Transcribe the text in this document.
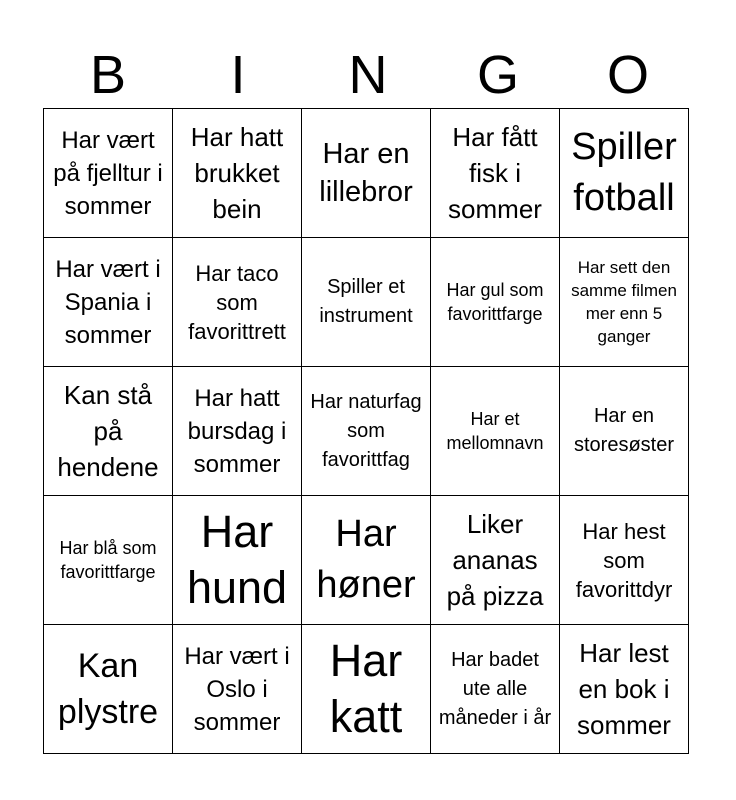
B	I	N	G	O
Har vært på fjelltur i sommer	Har hatt brukket bein	Har en lillebror	Har fått fisk i sommer	Spiller fotball
Har vært i Spania i sommer	Har taco som favorittrett	Spiller et instrument	Har gul som favorittfarge	Har sett den samme filmen mer enn 5 ganger
Kan stå på hendene	Har hatt bursdag i sommer	Har naturfag som favorittfag	Har et mellomnavn	Har en storesøster
Har blå som favorittfarge	Har hund	Har høner	Liker ananas på pizza	Har hest som favorittdyr
Kan plystre	Har vært i Oslo i sommer	Har katt	Har badet ute alle måneder i år	Har lest en bok i sommer
